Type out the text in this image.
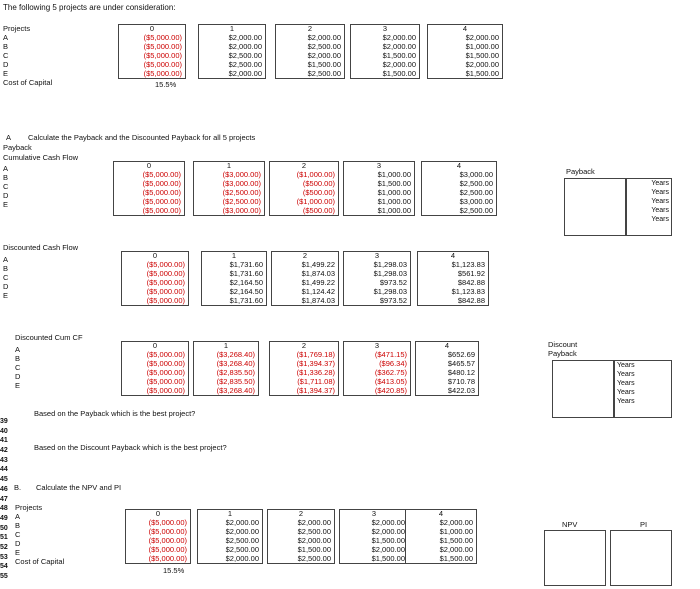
The following 5 projects are under consideration:
Projects
A
B
C
D
E
Cost of Capital	15.5%
0
($5,000.00)
($5,000.00)
($5,000.00)
($5,000.00)
($5,000.00)
1
$2,000.00
$2,000.00
$2,500.00
$2,500.00
$2,000.00
2
$2,000.00
$2,500.00
$2,000.00
$1,500.00
$2,500.00
3
$2,000.00
$2,000.00
$1,500.00
$2,000.00
$1,500.00
4
$2,000.00
$1,000.00
$1,500.00
$2,000.00
$1,500.00
A Calculate the Payback and the Discounted Payback for all 5 projects
Payback
Cumulative Cash Flow
A
B
C
D
E
0
($5,000.00)
($5,000.00)
($5,000.00)
($5,000.00)
($5,000.00)
1
($3,000.00)
($3,000.00)
($2,500.00)
($2,500.00)
($3,000.00)
2
($1,000.00)
($500.00)
($500.00)
($1,000.00)
($500.00)
3
$1,000.00
$1,500.00
$1,000.00
$1,000.00
$1,000.00
4
$3,000.00
$2,500.00
$2,500.00
$3,000.00
$2,500.00
Payback
Years
Years
Years
Years
Years
Discounted Cash Flow
A
B
C
D
E
0
($5,000.00)
($5,000.00)
($5,000.00)
($5,000.00)
($5,000.00)
1
$1,731.60
$1,731.60
$2,164.50
$2,164.50
$1,731.60
2
$1,499.22
$1,874.03
$1,499.22
$1,124.42
$1,874.03
3
$1,298.03
$1,298.03
$973.52
$1,298.03
$973.52
4
$1,123.83
$561.92
$842.88
$1,123.83
$842.88
Discounted Cum CF
A
B
C
D
E
0
($5,000.00)
($5,000.00)
($5,000.00)
($5,000.00)
($5,000.00)
1
($3,268.40)
($3,268.40)
($2,835.50)
($2,835.50)
($3,268.40)
2
($1,769.18)
($1,394.37)
($1,336.28)
($1,711.08)
($1,394.37)
3
($471.15)
($96.34)
($362.75)
($413.05)
($420.85)
4
$652.69
$465.57
$480.12
$710.78
$422.03
Discount
Payback
Years
Years
Years
Years
Years
Based on the Payback which is the best project?
Based on the Discount Payback which is the best project?
B. Calculate the NPV and PI
Projects
A
B
C
D
E
Cost of Capital
15.5%
0
($5,000.00)
($5,000.00)
($5,000.00)
($5,000.00)
($5,000.00)
1
$2,000.00
$2,000.00
$2,500.00
$2,500.00
$2,000.00
2
$2,000.00
$2,500.00
$2,000.00
$1,500.00
$2,500.00
3
$2,000.00
$2,000.00
$1,500.00
$2,000.00
$1,500.00
4
$2,000.00
$1,000.00
$1,500.00
$2,000.00
$1,500.00
NPV	PI
39
40
41
42
43
44
45
46
47
48
49
50
51
52
53
54
55
